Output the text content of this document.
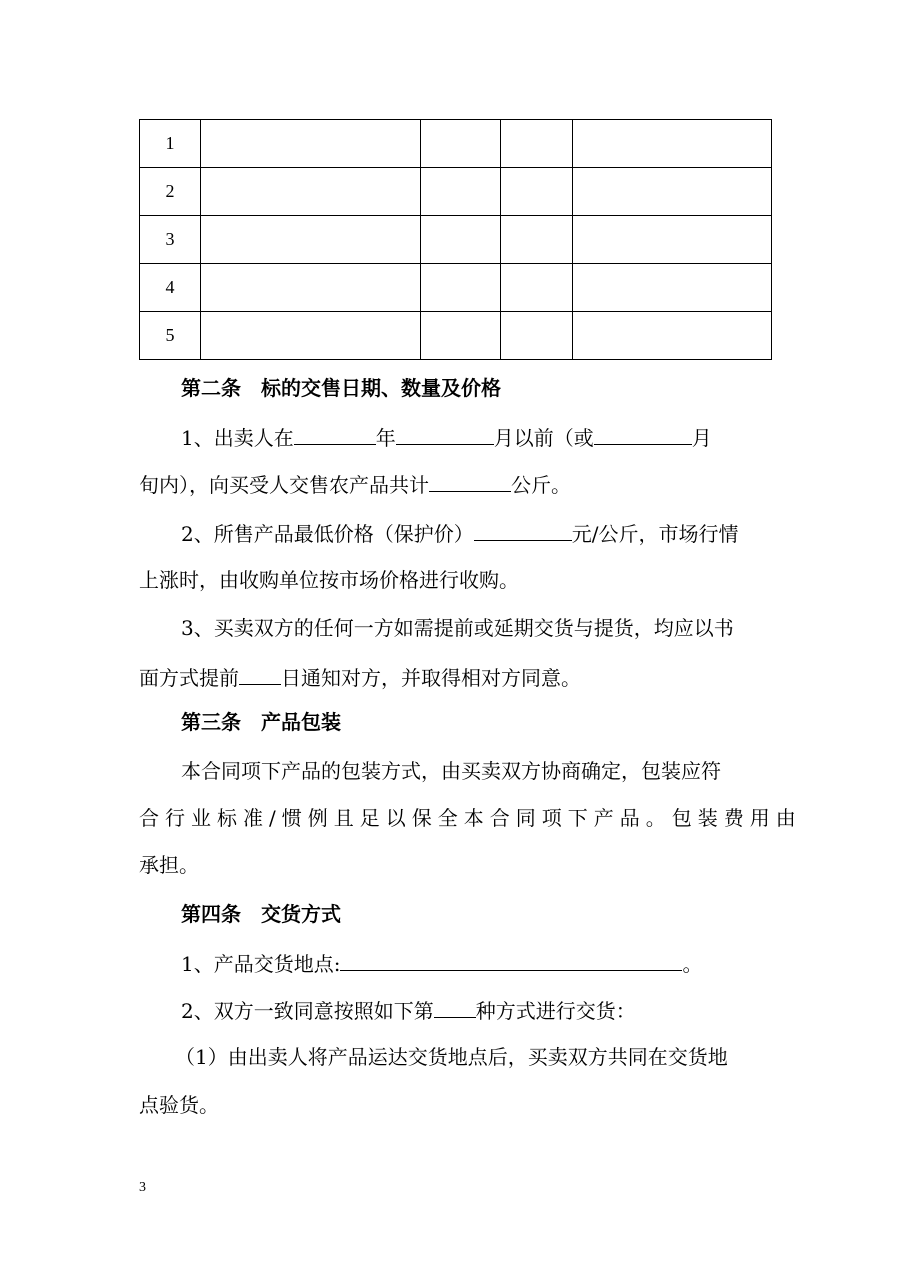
1				
2				
3				
4				
5				
第二条　标的交售日期、数量及价格
1、出卖人在	年	月以前（或	月
旬内），向买受人交售农产品共计	公斤。
2、所售产品最低价格（保护价）	元/公斤，市场行情
上涨时，由收购单位按市场价格进行收购。
3、买卖双方的任何一方如需提前或延期交货与提货，均应以书
面方式提前 日通知对方，并取得相对方同意。
第三条　产品包装
本合同项下产品的包装方式，由买卖双方协商确定，包装应符
合行业标准/惯例且足以保全本合同项下产品。包装费用由
承担。
第四条　交货方式
1、产品交货地点:	。
2、双方一致同意按照如下第 种方式进行交货：
（1）由出卖人将产品运达交货地点后，买卖双方共同在交货地
点验货。
3
